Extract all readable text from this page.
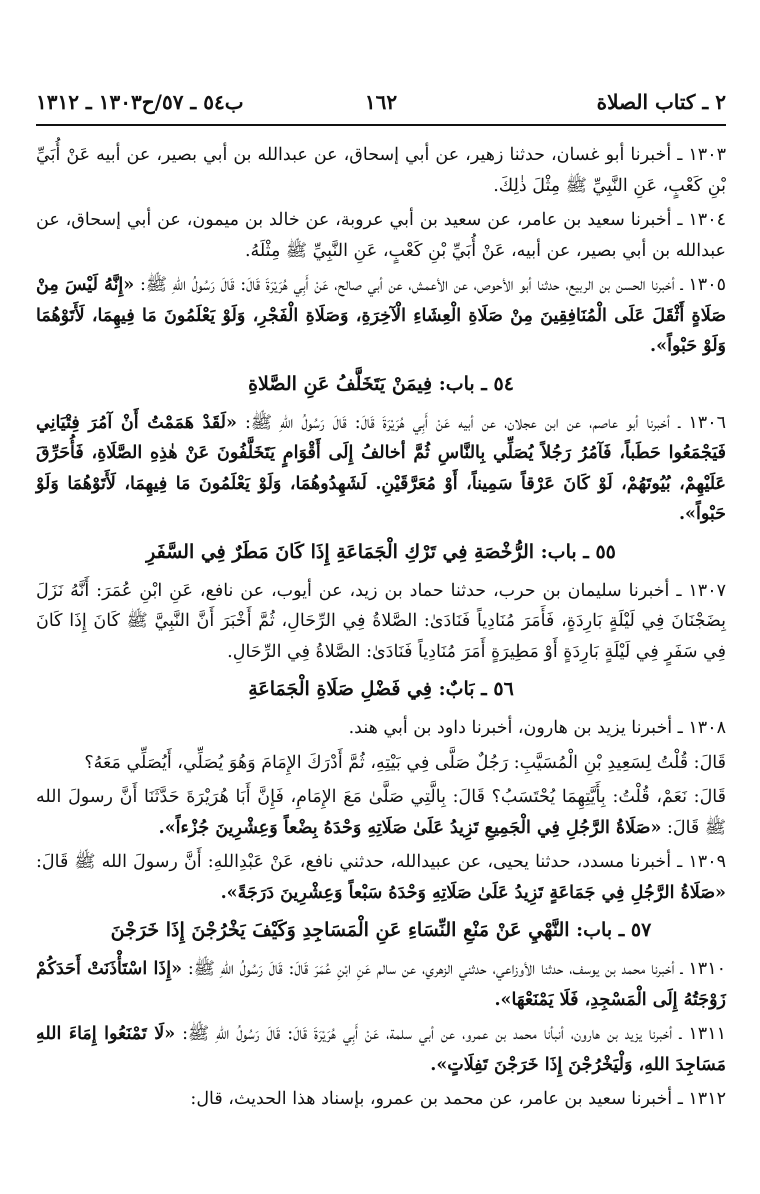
٢ ـ كتاب الصلاة
١٦٢
ب٥٤ ـ ٥٧/ح١٣٠٣ ـ ١٣١٢

١٣٠٣ ـ أخبرنا أبو غسان، حدثنا زهير، عن أبي إسحاق، عن عبدالله بن أبي بصير، عن أبيه عَنْ أُبَيِّ بْنِ كَعْبٍ، عَنِ النَّبِيِّ ﷺ مِثْلَ ذٰلِكَ.

١٣٠٤ ـ أخبرنا سعيد بن عامر، عن سعيد بن أبي عروبة، عن خالد بن ميمون، عن أبي إسحاق، عن عبدالله بن أبي بصير، عن أبيه، عَنْ أُبَيِّ بْنِ كَعْبٍ، عَنِ النَّبِيِّ ﷺ مِثْلَهُ.

١٣٠٥ ـ أخبرنا الحسن بن الربيع، حدثنا أبو الأحوص، عن الأعمش، عن أبي صالح، عَنْ أَبِي هُرَيْرَةَ قَالَ: قَالَ رَسُولُ اللهِ ﷺ: «إِنَّهُ لَيْسَ مِنْ صَلَاةٍ أَثْقَلَ عَلَى الْمُنَافِقِينَ مِنْ صَلَاةِ الْعِشَاءِ الْآخِرَةِ، وَصَلَاةِ الْفَجْرِ، وَلَوْ يَعْلَمُونَ مَا فِيهِمَا، لَأَتَوْهُمَا وَلَوْ حَبْواً».

٥٤ ـ باب: فِيمَنْ يَتَخَلَّفُ عَنِ الصَّلاةِ

١٣٠٦ ـ أخبرنا أبو عاصم، عن ابن عجلان، عن أبيه عَنْ أَبِي هُرَيْرَةَ قَالَ: قَالَ رَسُولُ اللهِ ﷺ: «لَقَدْ هَمَمْتُ أَنْ آمُرَ فِتْيَانِي فَيَجْمَعُوا حَطَباً، فَآمُرُ رَجُلاً يُصَلِّي بِالنَّاسِ ثُمَّ أخالفُ إِلَى أَقْوَامٍ يَتَخَلَّفُونَ عَنْ هٰذِهِ الصَّلَاةِ، فَأُحَرِّقَ عَلَيْهِمْ، بُيُوتَهُمْ، لَوْ كَانَ عَرْقاً سَمِيناً، أَوْ مُعَرَّقَيْنِ. لَشَهِدُوهُمَا، وَلَوْ يَعْلَمُونَ مَا فِيهِمَا، لَأَتَوْهُمَا وَلَوْ حَبْواً».

٥٥ ـ باب: الرُّخْصَةِ فِي تَرْكِ الْجَمَاعَةِ إِذَا كَانَ مَطَرٌ فِي السَّفَرِ

١٣٠٧ ـ أخبرنا سليمان بن حرب، حدثنا حماد بن زيد، عن أيوب، عن نافع، عَنِ ابْنِ عُمَرَ: أَنَّهُ نَزَلَ بِضَجْنَانَ فِي لَيْلَةٍ بَارِدَةٍ، فَأَمَرَ مُنَادِياً فَنَادَىٰ: الصَّلاةُ فِي الرِّحَالِ، ثُمَّ أَخْبَرَ أَنَّ النَّبِيَّ ﷺ كَانَ إِذَا كَانَ فِي سَفَرٍ فِي لَيْلَةٍ بَارِدَةٍ أَوْ مَطِيرَةٍ أَمَرَ مُنَادِياً فَنَادَىٰ: الصَّلاةُ فِي الرِّحَالِ.

٥٦ ـ بَابٌ: فِي فَضْلِ صَلَاةِ الْجَمَاعَةِ

١٣٠٨ ـ أخبرنا يزيد بن هارون، أخبرنا داود بن أبي هند.

قَالَ: قُلْتُ لِسَعِيدِ بْنِ الْمُسَيَّبِ: رَجُلٌ صَلَّى فِي بَيْتِهِ، ثُمَّ أَدْرَكَ الإِمَامَ وَهُوَ يُصَلِّي، أَيُصَلِّي مَعَهُ؟

قَالَ: نَعَمْ، قُلْتُ: بِأَيَّتِهِمَا يُحْتَسَبُ؟ قَالَ: بِالَّتِي صَلَّىٰ مَعَ الإِمَامِ، فَإِنَّ أَبَا هُرَيْرَةَ حَدَّثَنَا أَنَّ رسولَ الله ﷺ قَالَ: «صَلَاةُ الرَّجُلِ فِي الْجَمِيعِ تَزِيدُ عَلَىٰ صَلَاتِهِ وَحْدَهُ بِضْعاً وَعِشْرِينَ جُزْءاً».

١٣٠٩ ـ أخبرنا مسدد، حدثنا يحيى، عن عبيدالله، حدثني نافع، عَنْ عَبْدِاللهِ: أَنَّ رسولَ الله ﷺ قَالَ: «صَلَاةُ الرَّجُلِ فِي جَمَاعَةٍ تَزِيدُ عَلَىٰ صَلَاتِهِ وَحْدَهُ سَبْعاً وَعِشْرِينَ دَرَجَةً».

٥٧ ـ باب: النَّهْيِ عَنْ مَنْعِ النِّسَاءِ عَنِ الْمَسَاجِدِ وَكَيْفَ يَخْرُجْنَ إِذَا خَرَجْنَ

١٣١٠ ـ أخبرنا محمد بن يوسف، حدثنا الأوزاعي، حدثني الزهري، عن سالم عَنِ ابْنِ عُمَرَ قَالَ: قَالَ رَسُولُ اللهِ ﷺ: «إِذَا اسْتَأْذَنَتْ أَحَدَكُمْ زَوْجَتُهُ إِلَى الْمَسْجِدِ، فَلَا يَمْنَعْهَا».

١٣١١ ـ أخبرنا يزيد بن هارون، أنبأنا محمد بن عمرو، عن أبي سلمة، عَنْ أَبِي هُرَيْرَةَ قَالَ: قَالَ رَسُولُ اللهِ ﷺ: «لَا تَمْنَعُوا إِمَاءَ اللهِ مَسَاجِدَ اللهِ، وَلْيَخْرُجْنَ إِذَا خَرَجْنَ تَفِلَاتٍ».

١٣١٢ ـ أخبرنا سعيد بن عامر، عن محمد بن عمرو، بإسناد هذا الحديث، قال:
